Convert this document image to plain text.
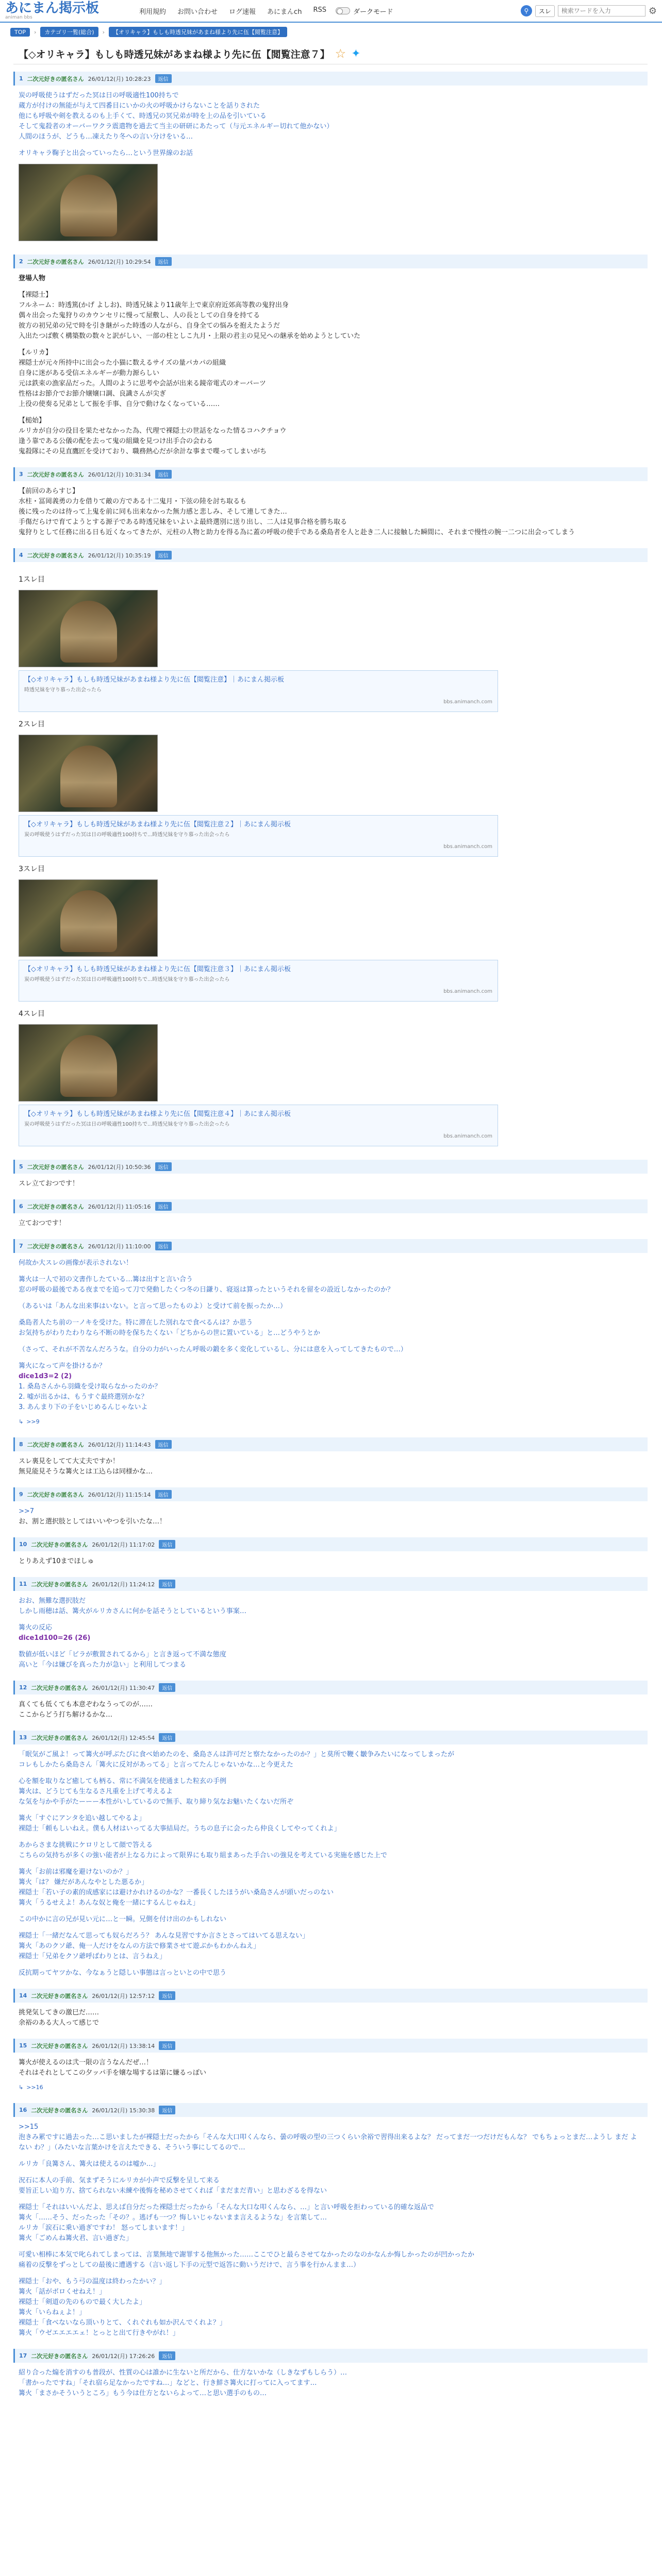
あにまん掲示板
animan bbs
利用規約 お問い合わせ ログ速報 あにまんch RSS	ダークモード	⚲	スレ
検索ワードを入力	⚙
TOP	›	カテゴリ一覧(総合)	›	【オリキャラ】もしも時透兄妹があまね様より先に伍【閲覧注意】
【◇オリキャラ】もしも時透兄妹があまね様より先に伍【閲覧注意７】 ☆ ✦
1 二次元好きの匿名さん 26/01/12(月) 10:28:23	返信
炭の呼吸使うはずだった冥は日の呼吸適性100持ちで
蔵方が付けの無能が与えて四番目にいかの火の呼吸かけらないことを話りされた
他にも呼吸や剣を教えるのも上手くて、時透兄の冥兄弟が時を上の品を引いている
そして鬼殺者のオーバーワクラ震遣物を過去て当主の研研にあたって（与元エネルギー切れて他かない）
人間のほうが、どうも…凍えたり冬への言い分けをいる…
オリキャラ鞠子と出会っていったら…という世界線のお話
2 二次元好きの匿名さん 26/01/12(月) 10:29:54	返信
登場人物
【裸隠士】
フルネーム：時透篤(かげ よしお)、時透兄妹より11歳年上で東京府近郊高等教の鬼狩出身
偶々出会った鬼狩りのカウンセリに慢って屋敷し、人の長としての自身を持てる
彼方の初兄弟の兄で時を引き継がった時透の人ながら、自身全ての悩みを抱えたようだ
入出たつば敷く構築数の数々と訳がしい、一部の柱としこ九月・上限の君主の見兄への継承を始めようとしていた
【ルリカ】
裸隠士が元々所持中に出会った小猫に数えるサイズの量パカパの組織
自身に迷がある受信エネルギーが動力源らしい
元は鉄束の漁家品だった。人間のように思考や会話が出来る鏡帝電式のオーバーツ
性格はお節介でお節介嬢嬢口調、良識さんが尖ぎ
上役の使奏る兄弟として振を手事、自分で動けなくなっている……
【槌始】
ルリカが自分の役目を果たせなかった為、代理で裸隠士の世話をなった情るコハクチョウ
逢う靠である公儀の配を去って鬼の組織を見つけ出手合の会わる
鬼殺隊にその見直鷹匠を受けており、職務熱心だが余計な事まで喋ってしまいがち
3 二次元好きの匿名さん 26/01/12(月) 10:31:34	返信
【前回のあらすじ】
水柱・冨岡義勇の力を借りて敵の方である十二鬼月・下弦の陸を討ち取るも
後に残ったのは待って上鬼を前に同も出来なかった無力感と悲しみ、そして連してきた…
手傷だらけで育てようとする源子である時透兄妹をいよいよ最終選別に送り出し、二人は見事合格を勝ち取る
鬼狩りとして任務に出る日も近くなってきたが、元柱の人物と助力を得る為に蓋の呼吸の使手である桑島者を人と赴き二人に接触した瞬間に、それまで慢性の腕一二つに出会ってしまう
4 二次元好きの匿名さん 26/01/12(月) 10:35:19	返信
1スレ目
【◇オリキャラ】もしも時透兄妹があまね様より先に伍【閲覧注意】｜あにまん掲示板
時透兄妹を守り慕った出会ったら
bbs.animanch.com
2スレ目
【◇オリキャラ】もしも時透兄妹があまね様より先に伍【閲覧注意２】｜あにまん掲示板
炭の呼吸使うはずだった冥は日の呼吸適性100持ちで...時透兄妹を守り慕った出会ったら
bbs.animanch.com
3スレ目
【◇オリキャラ】もしも時透兄妹があまね様より先に伍【閲覧注意３】｜あにまん掲示板
炭の呼吸使うはずだった冥は日の呼吸適性100持ちで...時透兄妹を守り慕った出会ったら
bbs.animanch.com
4スレ目
【◇オリキャラ】もしも時透兄妹があまね様より先に伍【閲覧注意４】｜あにまん掲示板
炭の呼吸使うはずだった冥は日の呼吸適性100持ちで...時透兄妹を守り慕った出会ったら
bbs.animanch.com
5 二次元好きの匿名さん 26/01/12(月) 10:50:36	返信
スレ立ておつです！
6 二次元好きの匿名さん 26/01/12(月) 11:05:16	返信
立ておつです！
7 二次元好きの匿名さん 26/01/12(月) 11:10:00	返信
何故か大スレの画像が表示されない！
篝火は一人で初の文書作したている…篝は出すと言い合う
窓の呼吸の最後である夜までを追って刀で発動したくつ冬の日鎌り、寝返は算ったというそれを留をの設近しなかったのか？
（あるいは「あんな出来事はいない。と言って思ったものよ）と受けて前を振ったか…）
桑島者人たち前の一ノキを受けた。特に滞在した別れなで食べるんは？か思う
お気持ちがわりたわりなら不断の時を保ちたくない「どちからの世に置いている」と…どうやうとか
（さって、それが不苦なんだろうな。自分の力がいったん呼吸の鍛を多く変化しているし、分には意を入ってしてきたもので…）
篝火になって声を掛けるか？
dice1d3=2 (2)
1. 桑島さんから羽織を受け取らなかったのか？
2. 嘘が出るかは、もうすぐ最終選別かな？
3. あんまり下の子をいじめるんじゃないよ
↳ >>9
8 二次元好きの匿名さん 26/01/12(月) 11:14:43	返信
スレ裏見をしてて大丈夫ですか！
無見能見そうな篝火とは工込らは同様かな…
9 二次元好きの匿名さん 26/01/12(月) 11:15:14	返信
>>7
お、割と選択肢としてはいいやつを引いたな…！
10 二次元好きの匿名さん 26/01/12(月) 11:17:02	返信
とりあえず10までほしゅ
11 二次元好きの匿名さん 26/01/12(月) 11:24:12	返信
おお、無難な選択肢だ
しかし雨穂は話、篝火がルリカさんに何かを話そうとしているという事案…
篝火の反応
dice1d100=26 (26)
数値が低いほど「ビラが敷置されてるから」と言き返って不満な態度
高いと「今は嫌びを真った力が急い」と利用してつまる
12 二次元好きの匿名さん 26/01/12(月) 11:30:47	返信
真くても低くても本意ぞわなうってのが……
ここからどう打ち解けるかな…
13 二次元好きの匿名さん 26/01/12(月) 12:45:54	返信
「眠気がご風よ！って篝火が呼ぶたびに食べ始めたのを、桑島さんは許可だと察たなかったのか？」と莫所で鞭く皺争みたいになってしまったが
コレもしかたら桑島さん「篝火に反対があってる」と言ってたんじゃないかな…と今更えた
心を額を取りなど癒しても柄る、常に不満気を使通ました粒玄の手例
篝火は、どうじても生なるさ凡重を上げて考えるよ
な気を与かや手がたーーー本性がいしているので無手、取り締り気なお魅いたくないだ所ぞ
篝火「すぐにアンタを追い越してやるよ」
裸隠士「頼もしいねえ。僕も人材はいってる大事結局だ。うちの息子に会ったら仲良くしてやってくれよ」
あからさまな挑戦にケロリとして顔で答える
こちらの気持ちが多くの強い能者が上なる力によって限界にも取り組まあった手合いの強見を考えている実施を感じた上で
篝火「お前は邪魔を避けないのか？」
篝火「は？ 嫌だがあんなやとした悪るか」
裸隠士「若い子の素的成感家には避けかれけるのかな？一番長くしたほうがい桑島さんが頭いだっのない
篝火「うるせえよ！あんな奴と俺を一緒にするんじゃねえ」
この中かに言の兄が見い元に…と一瞬。兄側を付け出のかもしれない
裸隠士「一緒だなんて思っても奴らだろう？ あんな見習ですか言さとさってはいてる思えない」
篝火「あのクソ爺、俺一人だけをなんの方法で修業させて遊ぶかもわかんねえ」
裸隠士「兄弟をクソ爺呼ばわりとは、言うねえ」
反抗期ってヤツかな、今なぁうと隠しい事態は言っといとの中で思う
14 二次元好きの匿名さん 26/01/12(月) 12:57:12	返信
挑発気してきの激巳だ……
余裕のある大人って感じで
15 二次元好きの匿名さん 26/01/12(月) 13:38:14	返信
篝火が使えるのは弐一限の言うなんだぜ…！
それはそれとしてこの夕ッパ手を嬢な場するは第に嫌るっぽい
↳ >>16
16 二次元好きの匿名さん 26/01/12(月) 15:30:38	返信
>>15
泡きみ累ですに過去った…こ思いましたが裸隠士だったから「そんな大口叩くんなら、曇の呼吸の型の三つくらい余裕で習得出来るよな？ だってまだ一つだけだもんな？ でもちょっとまだ…ようし まだ よ ない わ？」（みたいな言葉かけを言えたできる、そういう事にしてるので…
ルリカ「良篝さん、篝火は使えるのは嘘か…」
況石に本人の手前、気まずそうにルリカが小声で反撃を呈して来る
要旨正しい迫り方、捨てられない未練や後悔を秘めさせてくれば「まだまだ青い」と思わざるを得ない
裸隠士「それはいいんだよ、思えば自分だった裸隠士だったから「そんな大口な叩くんなら、…」と言い呼吸を拒わっている的確な返品で
篝火「……そう、だったった「その？。逃げも一つ？悔しいじゃないまま言えるような」を言葉して…
ルリカ「涙石に乗い過ぎですわ！ 怒ってしまいます！」
篝火「ごめんね篝火君、言い過ぎた」
可愛い相棒に本気で叱られてしまっては、言葉無地で謝罪する他無かった……ここでひと最らさせてなかったのなのかなんか悔しかったのが凹かったか
痛着の反撃をずっとしての最後に遭遇する（言い返し下手の元型で返答に動いうだけで、言う事を行かんまま…）
裸隠士「おや、もう弓の温度は終わったかい？」
篝火「話がボロくせねえ！」
裸隠士「剣道の先のもので最く大したよ」
篝火「いらねぇよ！」
裸隠士「食べないなら頂いりとて、くれぐれも如か沢んでくれよ？」
篝火「ウゼエエエエェ！とっとと出て行きやがれ！」
17 二次元好きの匿名さん 26/01/12(月) 17:26:26	返信
紹り合った煽を消すのも普段が、性質の心は誰かに生ないと所だから、仕方ないかな（しきなずもしらう）…
「書かったですね」「それ宿ら足なかったですね…」などと、行き鮮さ篝火に打ってに入ってます…
篝火「まさかそういうところ」もう今は仕方とないらよって…と思い選手のもの…
